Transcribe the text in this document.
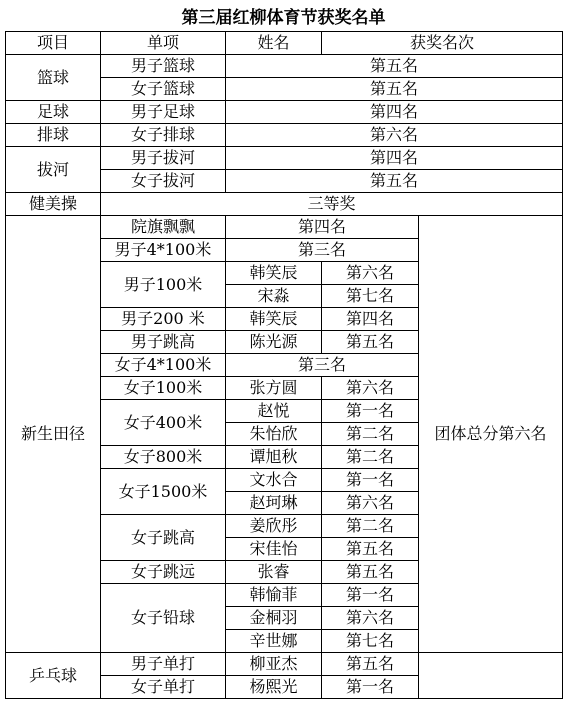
第三届红柳体育节获奖名单
项目	单项	姓名	获奖名次	
篮球	男子篮球	第五名		
	女子篮球	第五名		
足球	男子足球	第四名		
排球	女子排球	第六名		
拔河	男子拔河	第四名		
	女子拔河	第五名		
健美操	三等奖			
新生田径	院旗飘飘	第四名		团体总分第六名
	男子4*100米	第三名		
	男子100米	韩笑辰	第六名	
		宋淼	第七名	
	男子200 米	韩笑辰	第四名	
	男子跳高	陈光源	第五名	
	女子4*100米	第三名		
	女子100米	张方圆	第六名	
	女子400米	赵悦	第一名	
		朱怡欣	第二名	
	女子800米	谭旭秋	第二名	
	女子1500米	文水合	第一名	
		赵珂琳	第六名	
	女子跳高	姜欣彤	第二名	
		宋佳怡	第五名	
	女子跳远	张睿	第五名	
	女子铅球	韩愉菲	第一名	
		金桐羽	第六名	
		辛世娜	第七名	
乒乓球	男子单打	柳亚杰	第五名	
	女子单打	杨熙光	第一名	
